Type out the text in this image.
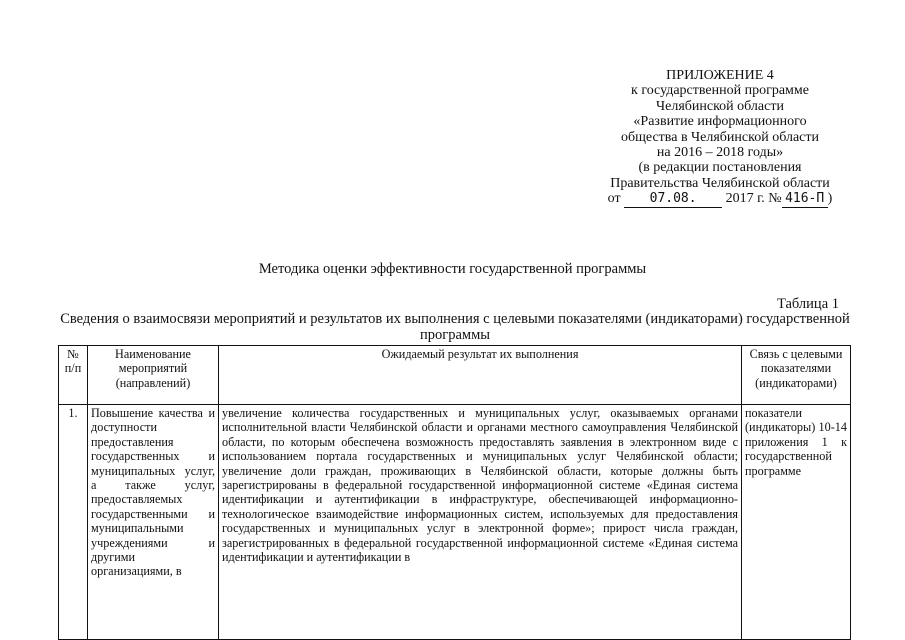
ПРИЛОЖЕНИЕ 4
к государственной программе
Челябинской области
«Развитие информационного
общества в Челябинской области
на 2016 – 2018 годы»
(в редакции постановления
Правительства Челябинской области
от 07.08. 2017 г. № 416-П )
Методика оценки эффективности государственной программы
Таблица 1
Сведения о взаимосвязи мероприятий и результатов их выполнения с целевыми показателями (индикаторами) государственной программы
№ п/п	Наименование мероприятий (направлений)	Ожидаемый результат их выполнения	Связь с целевыми показателями (индикаторами)
1.	Повышение качества и доступности предоставления государственных и муниципальных услуг, а также услуг, предоставляемых государственными и муниципальными учреждениями и другими организациями, в	увеличение количества государственных и муниципальных услуг, оказываемых органами исполнительной власти Челябинской области и органами местного самоуправления Челябинской области, по которым обеспечена возможность предоставлять заявления в электронном виде с использованием портала государственных и муниципальных услуг Челябинской области; увеличение доли граждан, проживающих в Челябинской области, которые должны быть зарегистрированы в федеральной государственной информационной системе «Единая система идентификации и аутентификации в инфраструктуре, обеспечивающей информационно-технологическое взаимодействие информационных систем, используемых для предоставления государственных и муниципальных услуг в электронной форме»; прирост числа граждан, зарегистрированных в федеральной государственной информационной системе «Единая система идентификации и аутентификации в	показатели (индикаторы) 10-14 приложения 1 к государственной программе
